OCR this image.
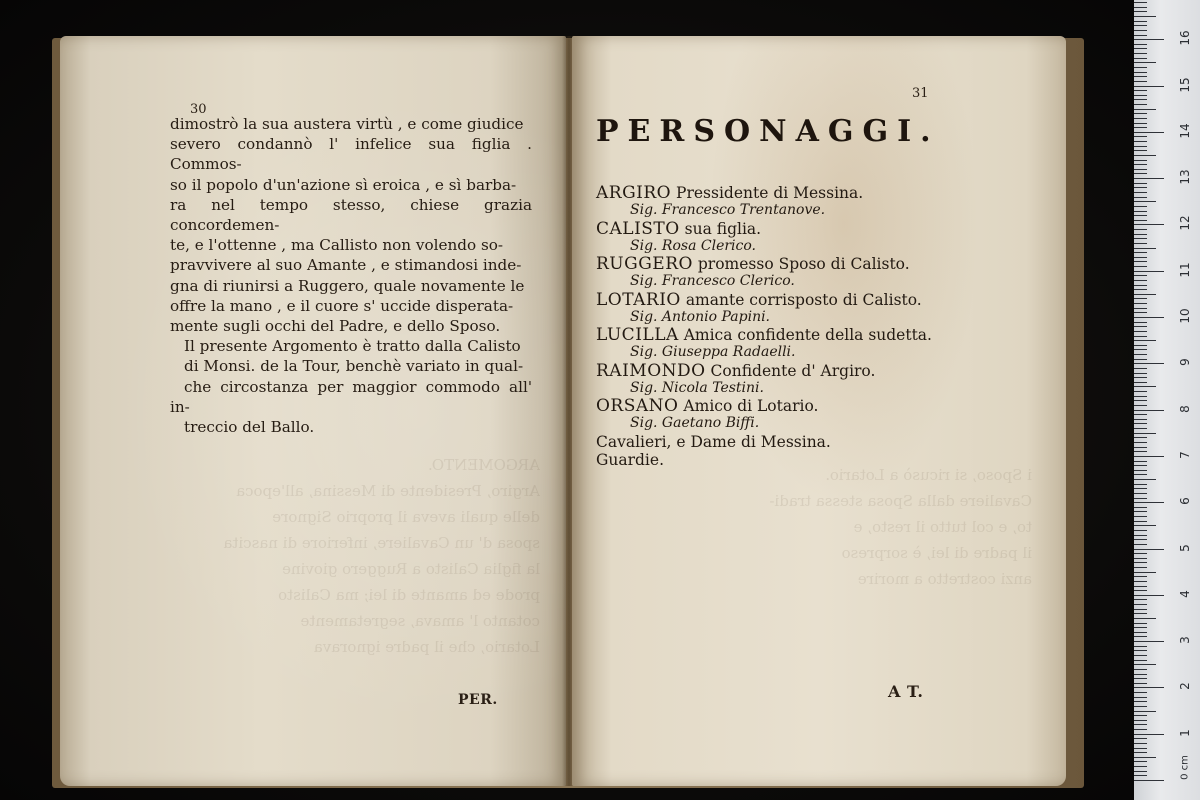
ARGOMENTO.
Argiro, Presidente di Messina, all'epoca
delle quali aveva il proprio Signore
sposa d' un Cavaliere, inferiore di nascita
la figlia Calisto a Ruggero giovine
prode ed amante di lei; ma Calisto
cotanto l' amava, segretamente
Lotario, che il padre ignorava

30

dimostrò la sua austera virtù , e come giudice
severo condannò l' infelice sua figlia . Commos-
so il popolo d'un'azione sì eroica , e sì barba-
ra nel tempo stesso, chiese grazia concordemen-
te, e l'ottenne , ma Callisto non volendo so-
pravvivere al suo Amante , e stimandosi inde-
gna di riunirsi a Ruggero, quale novamente le
offre la mano , e il cuore s' uccide disperata-
mente sugli occhi del Padre, e dello Sposo.

Il presente Argomento è tratto dalla Calisto
di Monsi. de la Tour, benchè variato in qual-
che circostanza per maggior commodo all' in-
treccio del Ballo.

PER.

i Sposo, si ricusò a Lotario.
Cavaliere dalla Sposa stessa tradi-
to, e col tutto il resto, e
il padre di lei, è sorpreso
anzi costretto a morire

31
PERSONAGGI.
ARGIRO Pressidente di Messina.
Sig. Francesco Trentanove.
CALISTO sua figlia.
Sig. Rosa Clerico.
RUGGERO promesso Sposo di Calisto.
Sig. Francesco Clerico.
LOTARIO amante corrisposto di Calisto.
Sig. Antonio Papini.
LUCILLA Amica confidente della sudetta.
Sig. Giuseppa Radaelli.
RAIMONDO Confidente d' Argiro.
Sig. Nicola Testini.
ORSANO Amico di Lotario.
Sig. Gaetano Biffi.
Cavalieri, e Dame di Messina.
Guardie.
A T.
16
15
14
13
12
11
10
9
8
7
6
5
4
3
2
1
0 cm
